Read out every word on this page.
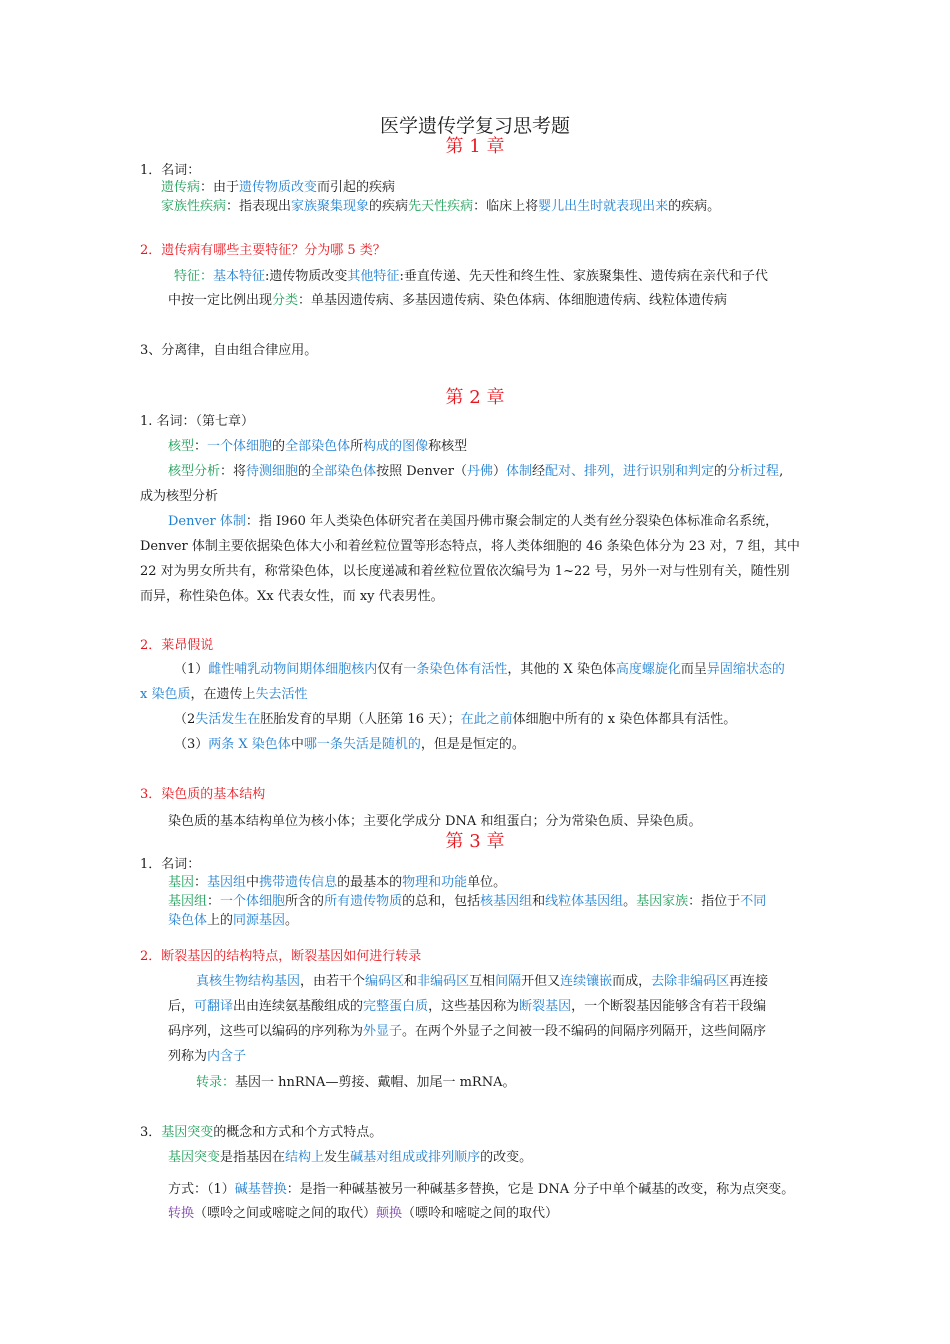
医学遗传学复习思考题
第 1 章
1．名词：
遗传病：由于遗传物质改变而引起的疾病
家族性疾病：指表现出家族聚集现象的疾病先天性疾病：临床上将婴儿出生时就表现出来的疾病。
2．遗传病有哪些主要特征？分为哪 5 类？
特征：基本特征:遗传物质改变其他特征:垂直传递、先天性和终生性、家族聚集性、遗传病在亲代和子代
中按一定比例出现分类：单基因遗传病、多基因遗传病、染色体病、体细胞遗传病、线粒体遗传病
3、分离律，自由组合律应用。
第 2 章
1. 名词：（第七章）
核型：一个体细胞的全部染色体所构成的图像称核型
核型分析：将待测细胞的全部染色体按照 Denver（丹佛）体制经配对、排列，进行识别和判定的分析过程,
成为核型分析
Denver 体制：指 I960 年人类染色体研究者在美国丹佛市聚会制定的人类有丝分裂染色体标准命名系统，
Denver 体制主要依据染色体大小和着丝粒位置等形态特点，将人类体细胞的 46 条染色体分为 23 对，7 组，其中
22 对为男女所共有，称常染色体，以长度递减和着丝粒位置依次编号为 1~22 号，另外一对与性别有关，随性别
而异，称性染色体。Xx 代表女性，而 xy 代表男性。
2．莱昂假说
（1）雌性哺乳动物间期体细胞核内仅有一条染色体有活性，其他的 X 染色体高度螺旋化而呈异固缩状态的
x 染色质，在遗传上失去活性
（2失活发生在胚胎发育的早期（人胚第 16 天）；在此之前体细胞中所有的 x 染色体都具有活性。
（3）两条 X 染色体中哪一条失活是随机的，但是是恒定的。
3．染色质的基本结构
染色质的基本结构单位为核小体；主要化学成分 DNA 和组蛋白；分为常染色质、异染色质。
第 3 章
1．名词：
基因：基因组中携带遗传信息的最基本的物理和功能单位。
基因组：一个体细胞所含的所有遗传物质的总和，包括核基因组和线粒体基因组。基因家族：指位于不同
染色体上的同源基因。
2．断裂基因的结构特点，断裂基因如何进行转录
真核生物结构基因，由若干个编码区和非编码区互相间隔开但又连续镶嵌而成，去除非编码区再连接
后，可翻译出由连续氨基酸组成的完整蛋白质，这些基因称为断裂基因，一个断裂基因能够含有若干段编
码序列，这些可以编码的序列称为外显子。在两个外显子之间被一段不编码的间隔序列隔开，这些间隔序
列称为内含子
转录：基因一 hnRNA—剪接、戴帽、加尾一 mRNA。
3．基因突变的概念和方式和个方式特点。
基因突变是指基因在结构上发生碱基对组成或排列顺序的改变。
方式：（1）碱基替换：是指一种碱基被另一种碱基多替换，它是 DNA 分子中单个碱基的改变，称为点突变。
转换（嘌呤之间或嘧啶之间的取代）颠换（嘌呤和嘧啶之间的取代）
